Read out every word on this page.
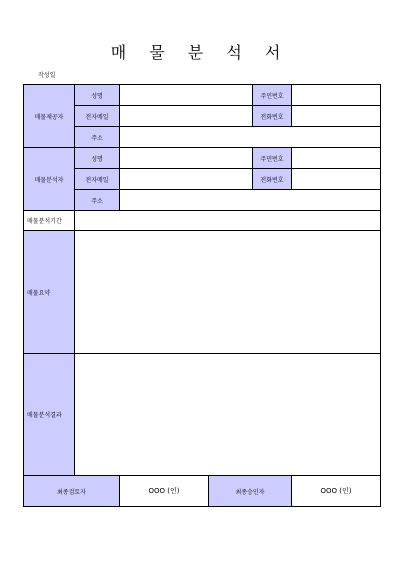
매 물 분 석 서
작성일
매물제공자	성명			주민번호	
	전자메일			전화번호	
	주소				
매물분석자	성명			주민번호	
	전자메일			전화번호	
	주소				
매물분석기간					
매물요약					
매물분석결과					
최종검토자		OOO (인)	최종승인자		OOO (인)
